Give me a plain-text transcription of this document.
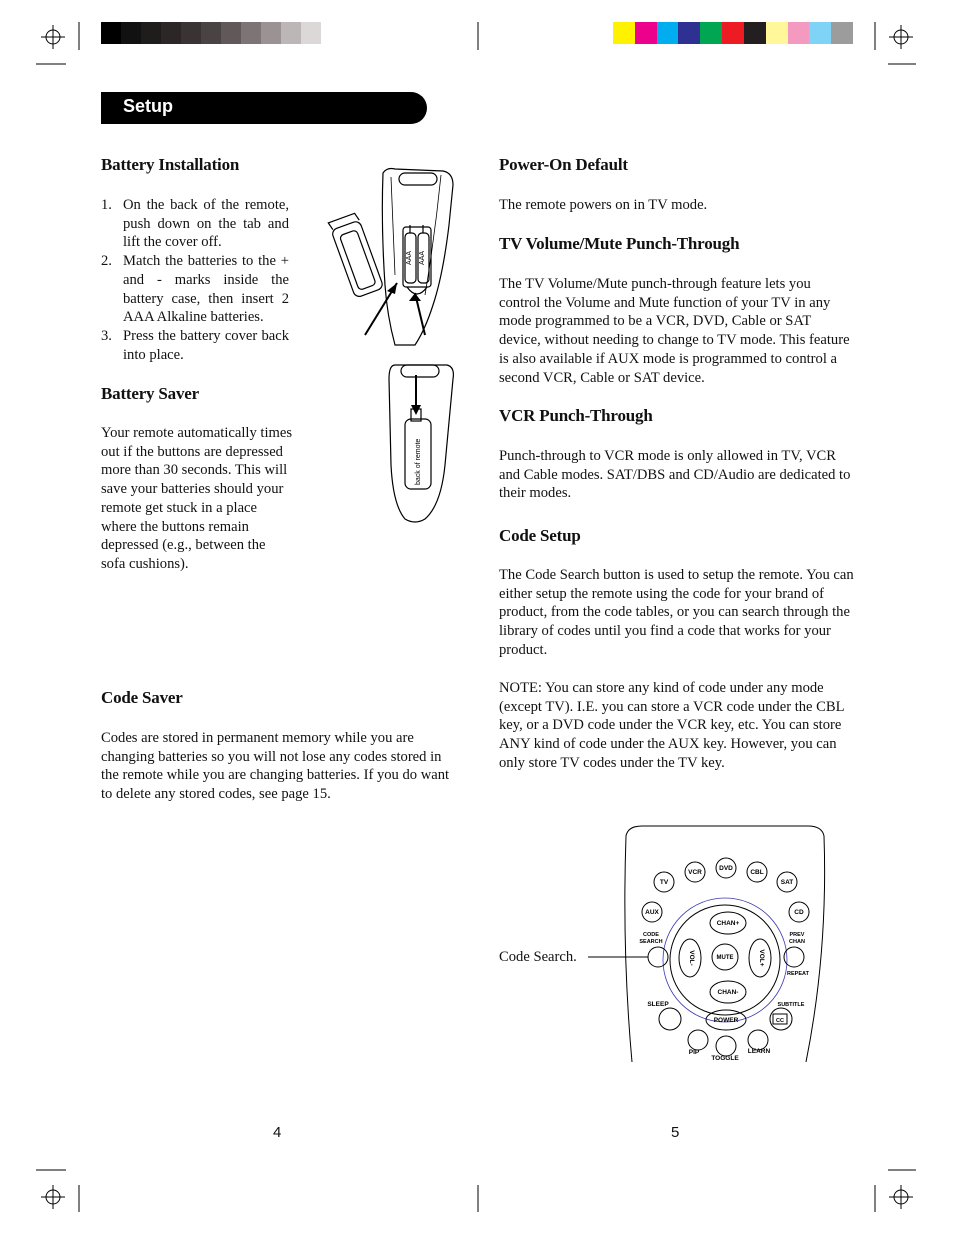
Setup
Battery Installation
1. On the back of the remote, push down on the tab and lift the cover off.
2. Match the batteries to the + and - marks inside the battery case, then insert 2 AAA Alkaline batteries.
3. Press the battery cover back into place.
Battery Saver

Your remote automatically times out if the buttons are depressed more than 30 seconds. This will save your batteries should your remote get stuck in a place where the buttons remain depressed (e.g., between the sofa cushions).

Code Saver

Codes are stored in permanent memory while you are changing batteries so you will not lose any codes stored in the remote while you are changing batteries. If you do want to delete any stored codes, see page 15.

4
AAA AAA
back of remote
Power-On Default

The remote powers on in TV mode.

TV Volume/Mute Punch-Through

The TV Volume/Mute punch-through feature lets you control the Volume and Mute function of your TV in any mode programmed to be a VCR, DVD, Cable or SAT device, without needing to change to TV mode. This feature is also available if AUX mode is programmed to control a second VCR, Cable or SAT device.

VCR Punch-Through

Punch-through to VCR mode is only allowed in TV, VCR and Cable modes. SAT/DBS and CD/Audio are dedicated to their modes.

Code Setup

The Code Search button is used to setup the remote. You can either setup the remote using the code for your brand of product, from the code tables, or you can search through the library of codes until you find a code that works for your product.

NOTE: You can store any kind of code under any mode (except TV). I.E. you can store a VCR code under the CBL key, or a DVD code under the VCR key, etc. You can store ANY kind of code under the AUX key. However, you can only store TV codes under the TV key.

Code Search.
TV
VCR
DVD
CBL
SAT
AUX	CD
CODE
SEARCH
PREV
CHAN
CHAN+
CHAN-
MUTE
VOL-	VOL+
REPEAT
SLEEP	SUBTITLE
CC
POWER
PIP
TOGGLE
LEARN
5
